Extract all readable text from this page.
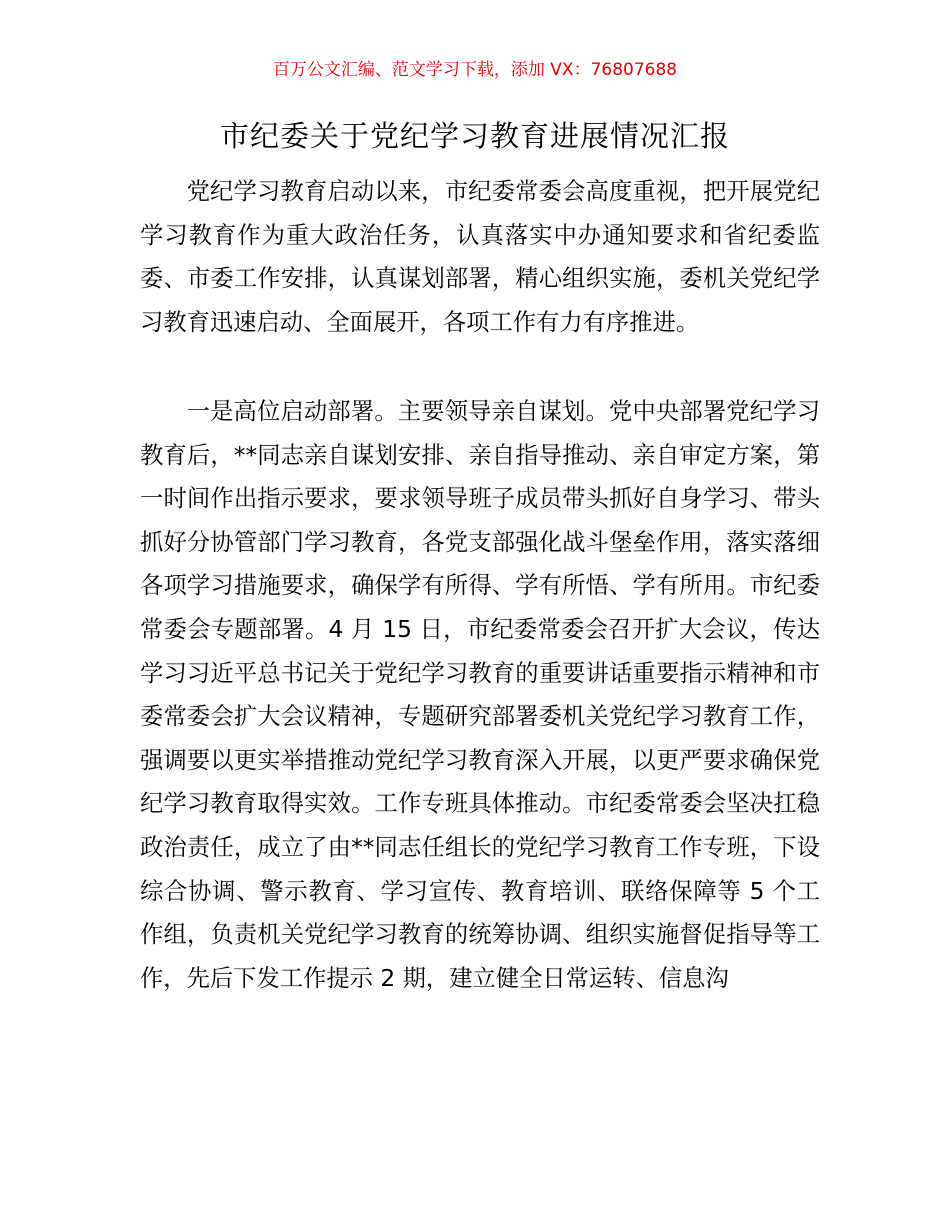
百万公文汇编、范文学习下载，添加 VX：76807688
市纪委关于党纪学习教育进展情况汇报

党纪学习教育启动以来，市纪委常委会高度重视，把开展党纪学习教育作为重大政治任务，认真落实中办通知要求和省纪委监委、市委工作安排，认真谋划部署，精心组织实施，委机关党纪学习教育迅速启动、全面展开，各项工作有力有序推进。

一是高位启动部署。主要领导亲自谋划。党中央部署党纪学习教育后，**同志亲自谋划安排、亲自指导推动、亲自审定方案，第一时间作出指示要求，要求领导班子成员带头抓好自身学习、带头抓好分协管部门学习教育，各党支部强化战斗堡垒作用，落实落细各项学习措施要求，确保学有所得、学有所悟、学有所用。市纪委常委会专题部署。4 月 15 日，市纪委常委会召开扩大会议，传达学习习近平总书记关于党纪学习教育的重要讲话重要指示精神和市委常委会扩大会议精神，专题研究部署委机关党纪学习教育工作，强调要以更实举措推动党纪学习教育深入开展，以更严要求确保党纪学习教育取得实效。工作专班具体推动。市纪委常委会坚决扛稳政治责任，成立了由**同志任组长的党纪学习教育工作专班，下设综合协调、警示教育、学习宣传、教育培训、联络保障等 5 个工作组，负责机关党纪学习教育的统筹协调、组织实施督促指导等工作，先后下发工作提示 2 期，建立健全日常运转、信息沟
